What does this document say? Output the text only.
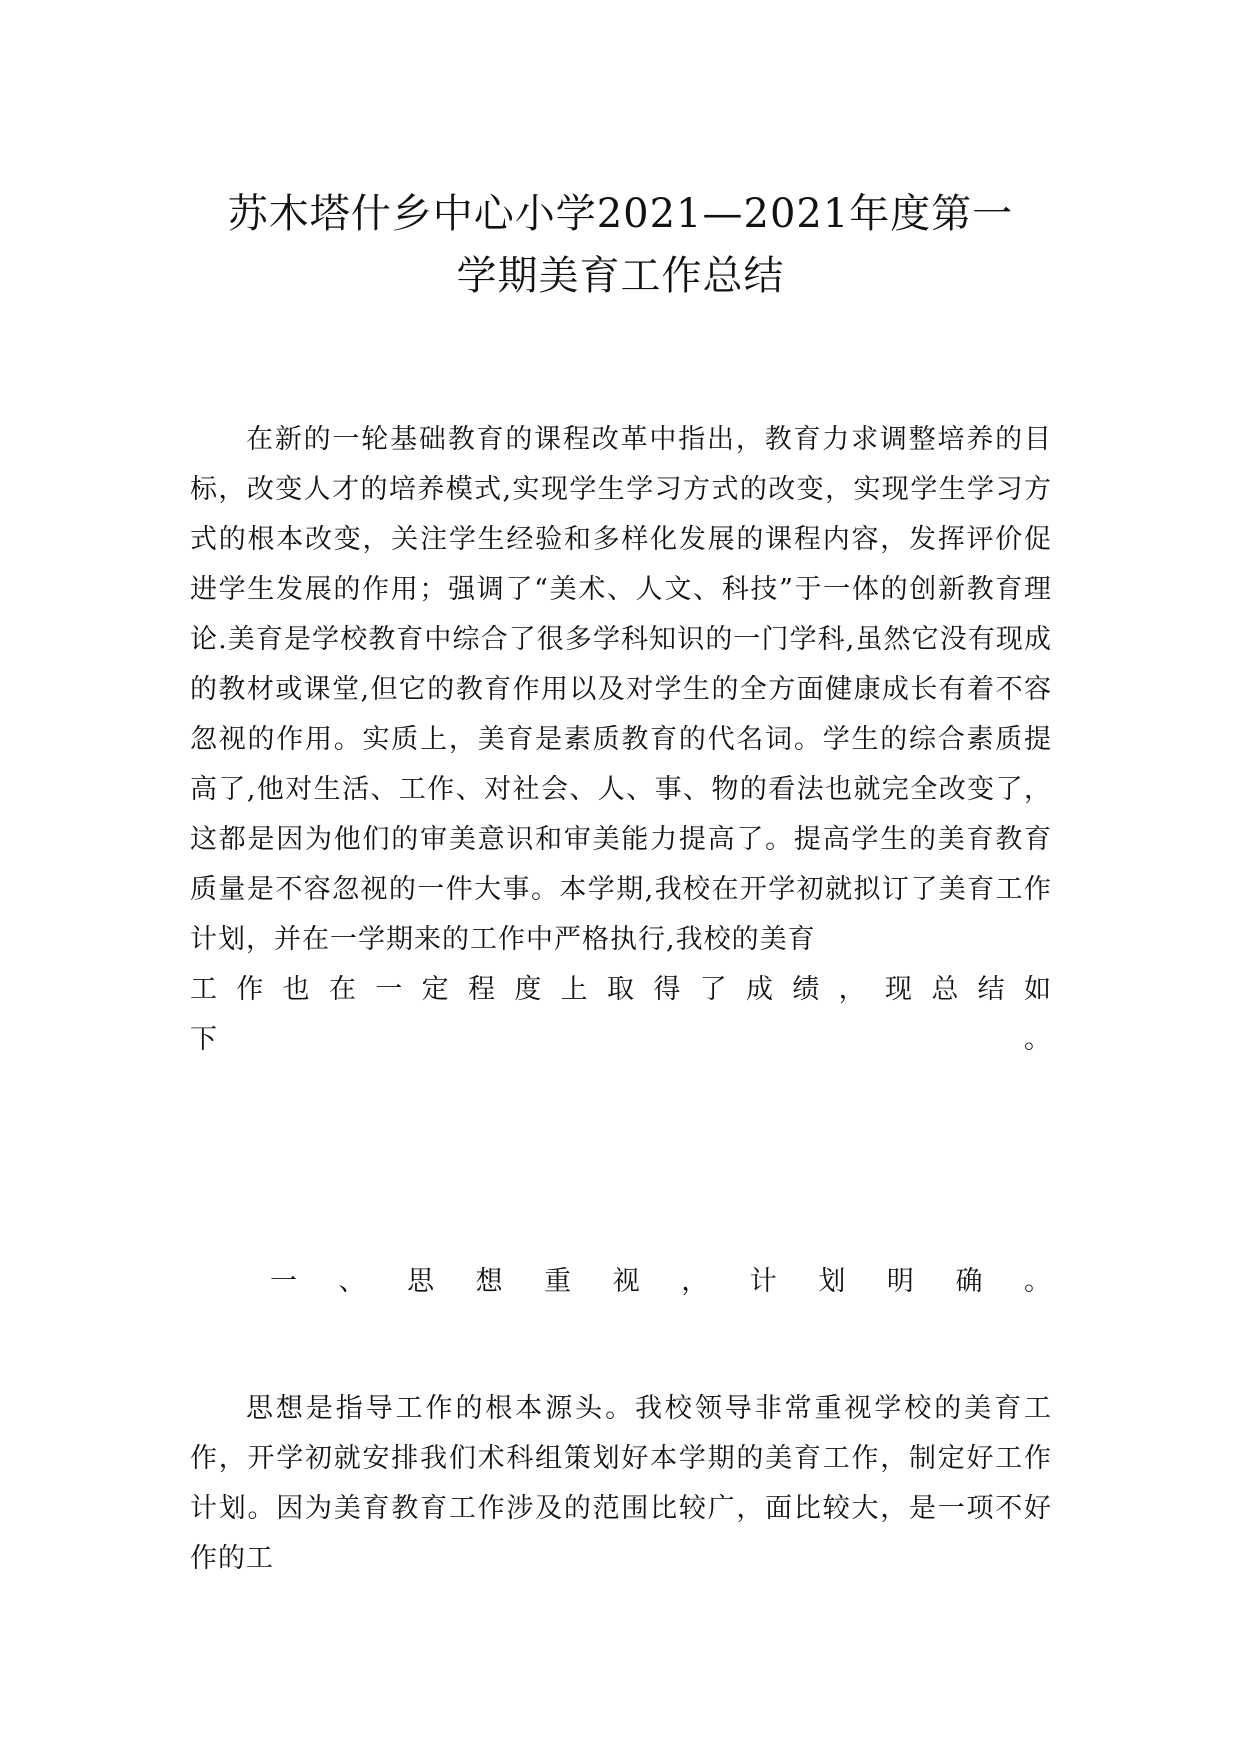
苏木塔什乡中心小学2021—2021年度第一
学期美育工作总结
在新的一轮基础教育的课程改革中指出，教育力求调整培养的目标，改变人才的培养模式,实现学生学习方式的改变，实现学生学习方式的根本改变，关注学生经验和多样化发展的课程内容，发挥评价促进学生发展的作用；强调了“美术、人文、科技”于一体的创新教育理论.美育是学校教育中综合了很多学科知识的一门学科,虽然它没有现成的教材或课堂,但它的教育作用以及对学生的全方面健康成长有着不容忽视的作用。实质上，美育是素质教育的代名词。学生的综合素质提高了,他对生活、工作、对社会、人、事、物的看法也就完全改变了，这都是因为他们的审美意识和审美能力提高了。提高学生的美育教育质量是不容忽视的一件大事。本学期,我校在开学初就拟订了美育工作计划，并在一学期来的工作中严格执行,我校的美育
工 作 也 在 一 定 程 度 上 取 得 了 成 绩 ， 现 总 结 如 下 。
一 、 思 想 重 视 ， 计 划 明 确 。
思想是指导工作的根本源头。我校领导非常重视学校的美育工作，开学初就安排我们术科组策划好本学期的美育工作，制定好工作计划。因为美育教育工作涉及的范围比较广，面比较大，是一项不好作的工
